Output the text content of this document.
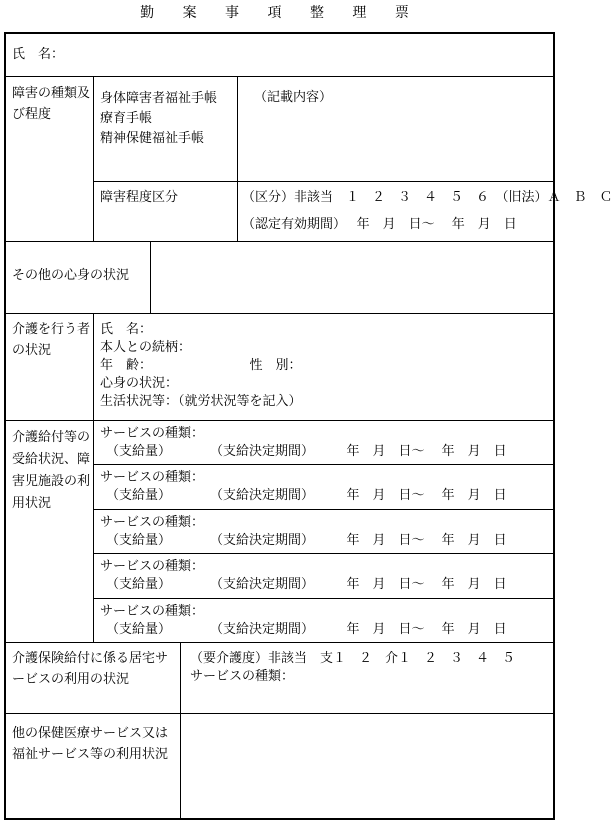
勤 案 事 項 整 理 票
氏　名：
障害の種類及び程度
身体障害者福祉手帳
療育手帳
精神保健福祉手帳
（記載内容）
障害程度区分	（区分）非該当　１　２　３　４　５　６　（旧法）Ａ　Ｂ　Ｃ
（認定有効期間）　 年　月　日～　 年　月　日
その他の心身の状況
介護を行う者の状況
氏　名：
本人との続柄：
年　齢：　　　　　　　　性　別：
心身の状況：
生活状況等：（就労状況等を記入）
介護給付等の受給状況、障害児施設の利用状況
サービスの種類：
（支給量）　　　　（支給決定期間）　　　年　月　日～　 年　月　日
サービスの種類：
（支給量）　　　　（支給決定期間）　　　年　月　日～　 年　月　日
サービスの種類：
（支給量）　　　　（支給決定期間）　　　年　月　日～　 年　月　日
サービスの種類：
（支給量）　　　　（支給決定期間）　　　年　月　日～　 年　月　日
サービスの種類：
（支給量）　　　　（支給決定期間）　　　年　月　日～　 年　月　日
介護保険給付に係る居宅サービスの利用の状況
（要介護度）非該当　支１　２　介１　２　３　４　５
サービスの種類：
他の保健医療サービス又は福祉サービス等の利用状況
